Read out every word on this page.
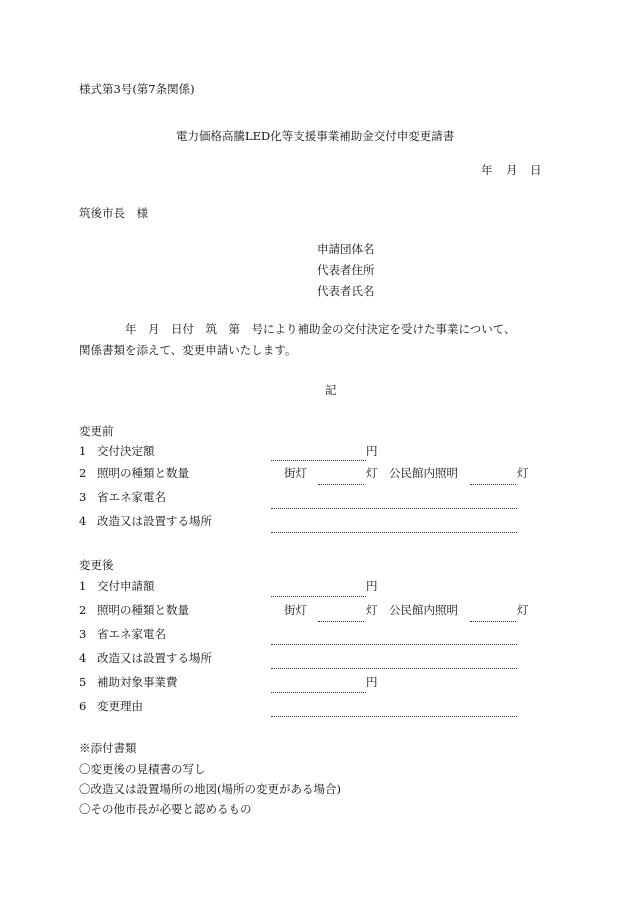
様式第3号(第7条関係)
電力価格高騰LED化等支援事業補助金交付申変更請書
年 月 日
筑後市長　様
申請団体名
代表者住所
代表者氏名
年　月　日付　筑　第　号により補助金の交付決定を受けた事業について、
関係書類を添えて、変更申請いたします。
記
変更前
1 交付決定額	円
2 照明の種類と数量	街灯	灯 公民館内照明	灯
3 省エネ家電名
4 改造又は設置する場所
変更後
1 交付申請額	円
2 照明の種類と数量	街灯	灯 公民館内照明	灯
3 省エネ家電名
4 改造又は設置する場所
5 補助対象事業費	円
6 変更理由
※添付書類
〇変更後の見積書の写し
〇改造又は設置場所の地図(場所の変更がある場合)
〇その他市長が必要と認めるもの
